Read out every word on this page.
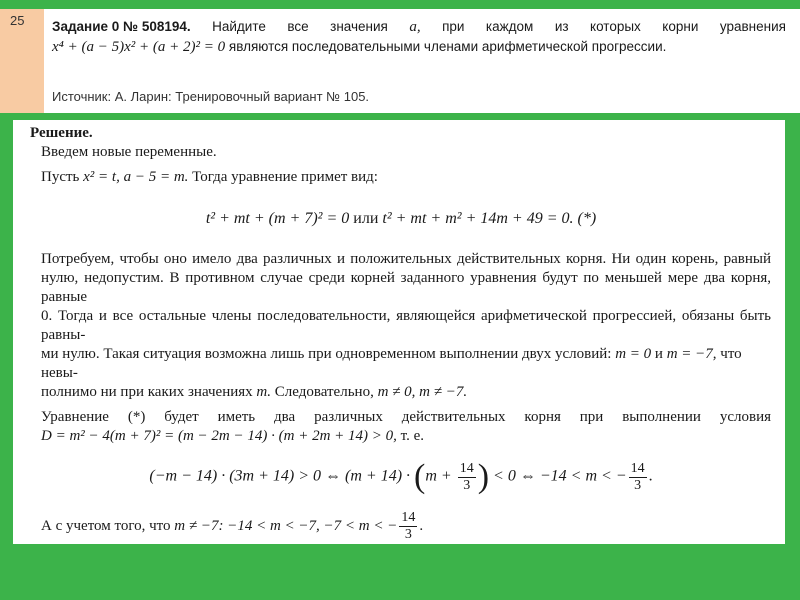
25	Задание 0 № 508194. Найдите все значения a, при каждом из которых корни уравнения
x⁴ + (a − 5)x² + (a + 2)² = 0 являются последовательными членами арифметической прогрессии.
Источник: А. Ларин: Тренировочный вариант № 105.
Решение.
Введем новые переменные.
Пусть x² = t, a − 5 = m. Тогда уравнение примет вид:
t² + mt + (m + 7)² = 0 или t² + mt + m² + 14m + 49 = 0. (*)
Потребуем, чтобы оно имело два различных и положительных действительных корня. Ни один корень, равный
нулю, недопустим. В противном случае среди корней заданного уравнения будут по меньшей мере два корня, равные
0. Тогда и все остальные члены последовательности, являющейся арифметической прогрессией, обязаны быть равны-
ми нулю. Такая ситуация возможна лишь при одновременном выполнении двух условий: m = 0 и m = −7, что невы-
полнимо ни при каких значениях m. Следовательно, m ≠ 0, m ≠ −7.
Уравнение (*) будет иметь два различных действительных корня при выполнении условия
D = m² − 4(m + 7)² = (m − 2m − 14) · (m + 2m + 14) > 0, т. е.
(−m − 14) · (3m + 14) > 0 ⇔ $(m + 14) \cdot (m + \frac{14}{3}$ ) < 0 ⇔ −14 < m < − $\frac{14}{3}$ .
А с учетом того, что m ≠ −7: −14 < m < −7, −7 < m < − $\frac{14}{3}$ .
